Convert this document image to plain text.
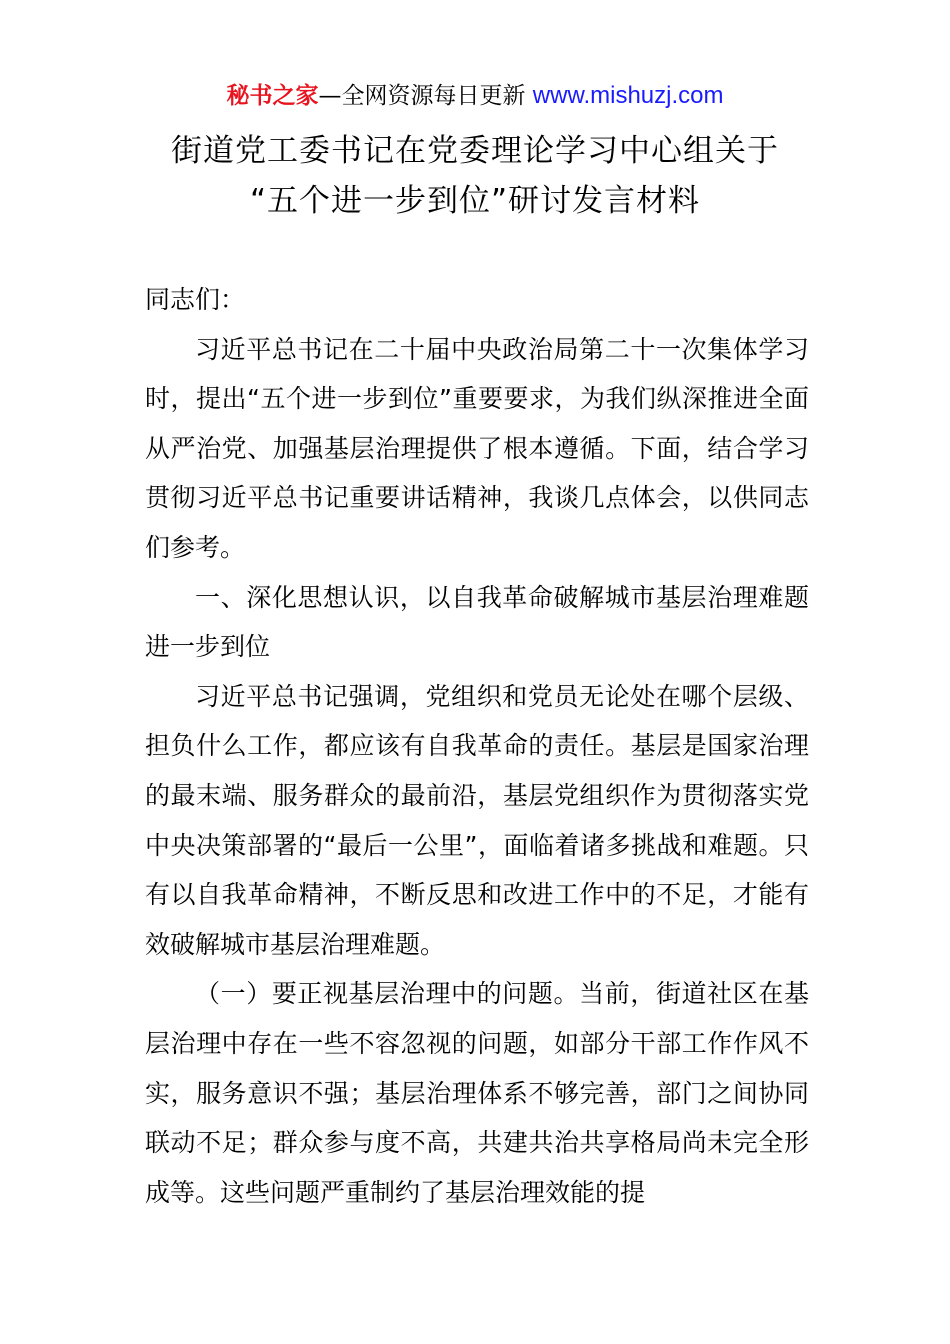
秘书之家—全网资源每日更新 www.mishuzj.com
街道党工委书记在党委理论学习中心组关于
“五个进一步到位”研讨发言材料

同志们：

习近平总书记在二十届中央政治局第二十一次集体学习时，提出“五个进一步到位”重要要求，为我们纵深推进全面从严治党、加强基层治理提供了根本遵循。下面，结合学习贯彻习近平总书记重要讲话精神，我谈几点体会，以供同志们参考。

一、深化思想认识，以自我革命破解城市基层治理难题进一步到位

习近平总书记强调，党组织和党员无论处在哪个层级、担负什么工作，都应该有自我革命的责任。基层是国家治理的最末端、服务群众的最前沿，基层党组织作为贯彻落实党中央决策部署的“最后一公里”，面临着诸多挑战和难题。只有以自我革命精神，不断反思和改进工作中的不足，才能有效破解城市基层治理难题。

（一）要正视基层治理中的问题。当前，街道社区在基层治理中存在一些不容忽视的问题，如部分干部工作作风不实，服务意识不强；基层治理体系不够完善，部门之间协同联动不足；群众参与度不高，共建共治共享格局尚未完全形成等。这些问题严重制约了基层治理效能的提
